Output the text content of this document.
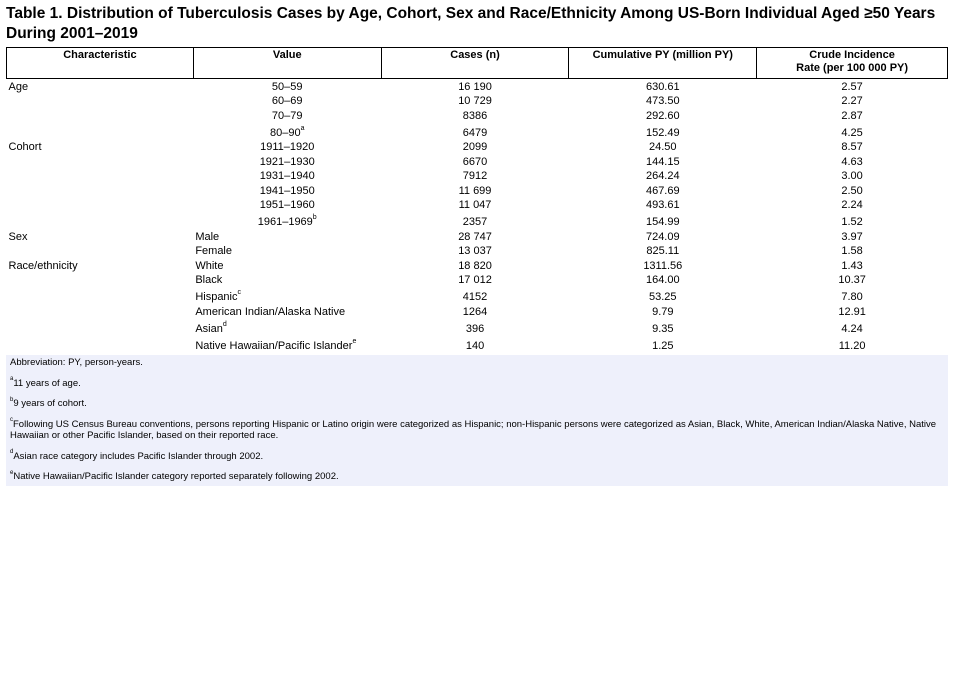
Table 1. Distribution of Tuberculosis Cases by Age, Cohort, Sex and Race/Ethnicity Among US-Born Individual Aged ≥50 Years During 2001–2019
Characteristic	Value	Cases (n)	Cumulative PY (million PY)	Crude Incidence
Rate (per 100 000 PY)
Age	50–59	16 190	630.61	2.57
	60–69	10 729	473.50	2.27
	70–79	8386	292.60	2.87
	80–90$^a$	6479	152.49	4.25
Cohort	1911–1920	2099	24.50	8.57
	1921–1930	6670	144.15	4.63
	1931–1940	7912	264.24	3.00
	1941–1950	11 699	467.69	2.50
	1951–1960	11 047	493.61	2.24
	1961–1969$^b$	2357	154.99	1.52
Sex	Male	28 747	724.09	3.97
	Female	13 037	825.11	1.58
Race/ethnicity	White	18 820	1311.56	1.43
	Black	17 012	164.00	10.37
	Hispanic$^c$	4152	53.25	7.80
	American Indian/Alaska Native	1264	9.79	12.91
	Asian$^d$	396	9.35	4.24
	Native Hawaiian/Pacific Islander$^e$	140	1.25	11.20

Abbreviation: PY, person-years.

$^a$11 years of age.

$^b$9 years of cohort.

$^c$Following US Census Bureau conventions, persons reporting Hispanic or Latino origin were categorized as Hispanic; non-Hispanic persons were categorized as Asian, Black, White, American Indian/Alaska Native, Native Hawaiian or other Pacific Islander, based on their reported race.

$^d$Asian race category includes Pacific Islander through 2002.

$^e$Native Hawaiian/Pacific Islander category reported separately following 2002.
